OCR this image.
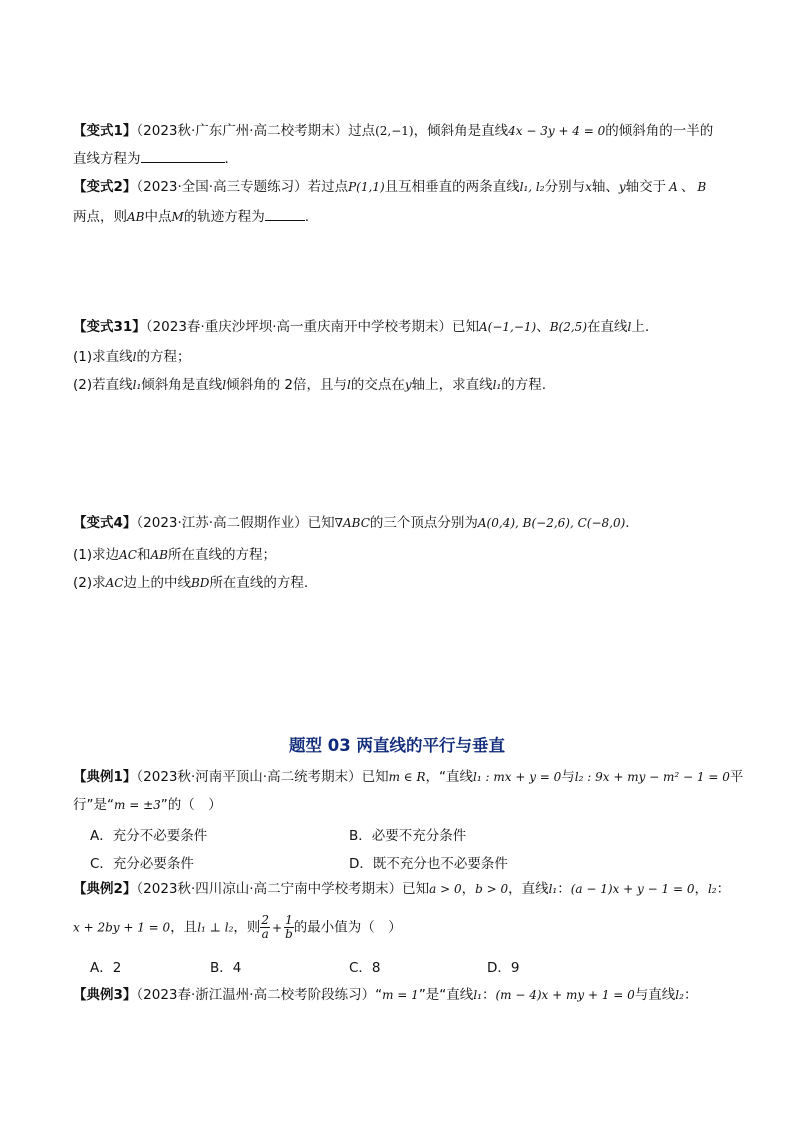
【变式1】（2023秋·广东广州·高二校考期末）过点(2,−1)，倾斜角是直线4x − 3y + 4 = 0的倾斜角的一半的
直线方程为	.
【变式2】（2023·全国·高三专题练习）若过点P(1,1)且互相垂直的两条直线l₁, l₂分别与x轴、y轴交于 A 、 B
两点，则AB中点M的轨迹方程为	.
【变式31】（2023春·重庆沙坪坝·高一重庆南开中学校考期末）已知A(−1,−1)、B(2,5)在直线l上.
(1)求直线l的方程；
(2)若直线l₁倾斜角是直线l倾斜角的 2倍，且与l的交点在y轴上，求直线l₁的方程.
【变式4】（2023·江苏·高二假期作业）已知∇ABC的三个顶点分别为A(0,4), B(−2,6), C(−8,0).
(1)求边AC和AB所在直线的方程；
(2)求AC边上的中线BD所在直线的方程.
题型 03 两直线的平行与垂直
【典例1】（2023秋·河南平顶山·高二统考期末）已知m ∈ R，“直线l₁ : mx + y = 0与l₂ : 9x + my − m² − 1 = 0平
行”是“m = ±3”的（　）
A．充分不必要条件	B．必要不充分条件
C．充分必要条件	D．既不充分也不必要条件
【典例2】（2023秋·四川凉山·高二宁南中学校考期末）已知a > 0，b > 0，直线l₁：(a − 1)x + y − 1 = 0，l₂：
x + 2by + 1 = 0，且l₁ ⊥ l₂，则 $\frac{2}{a} + \frac{1}{b}$ 的最小值为（　）
A．2	B．4	C．8	D．9
【典例3】（2023春·浙江温州·高二校考阶段练习）“m = 1”是“直线l₁：(m − 4)x + my + 1 = 0与直线l₂：
